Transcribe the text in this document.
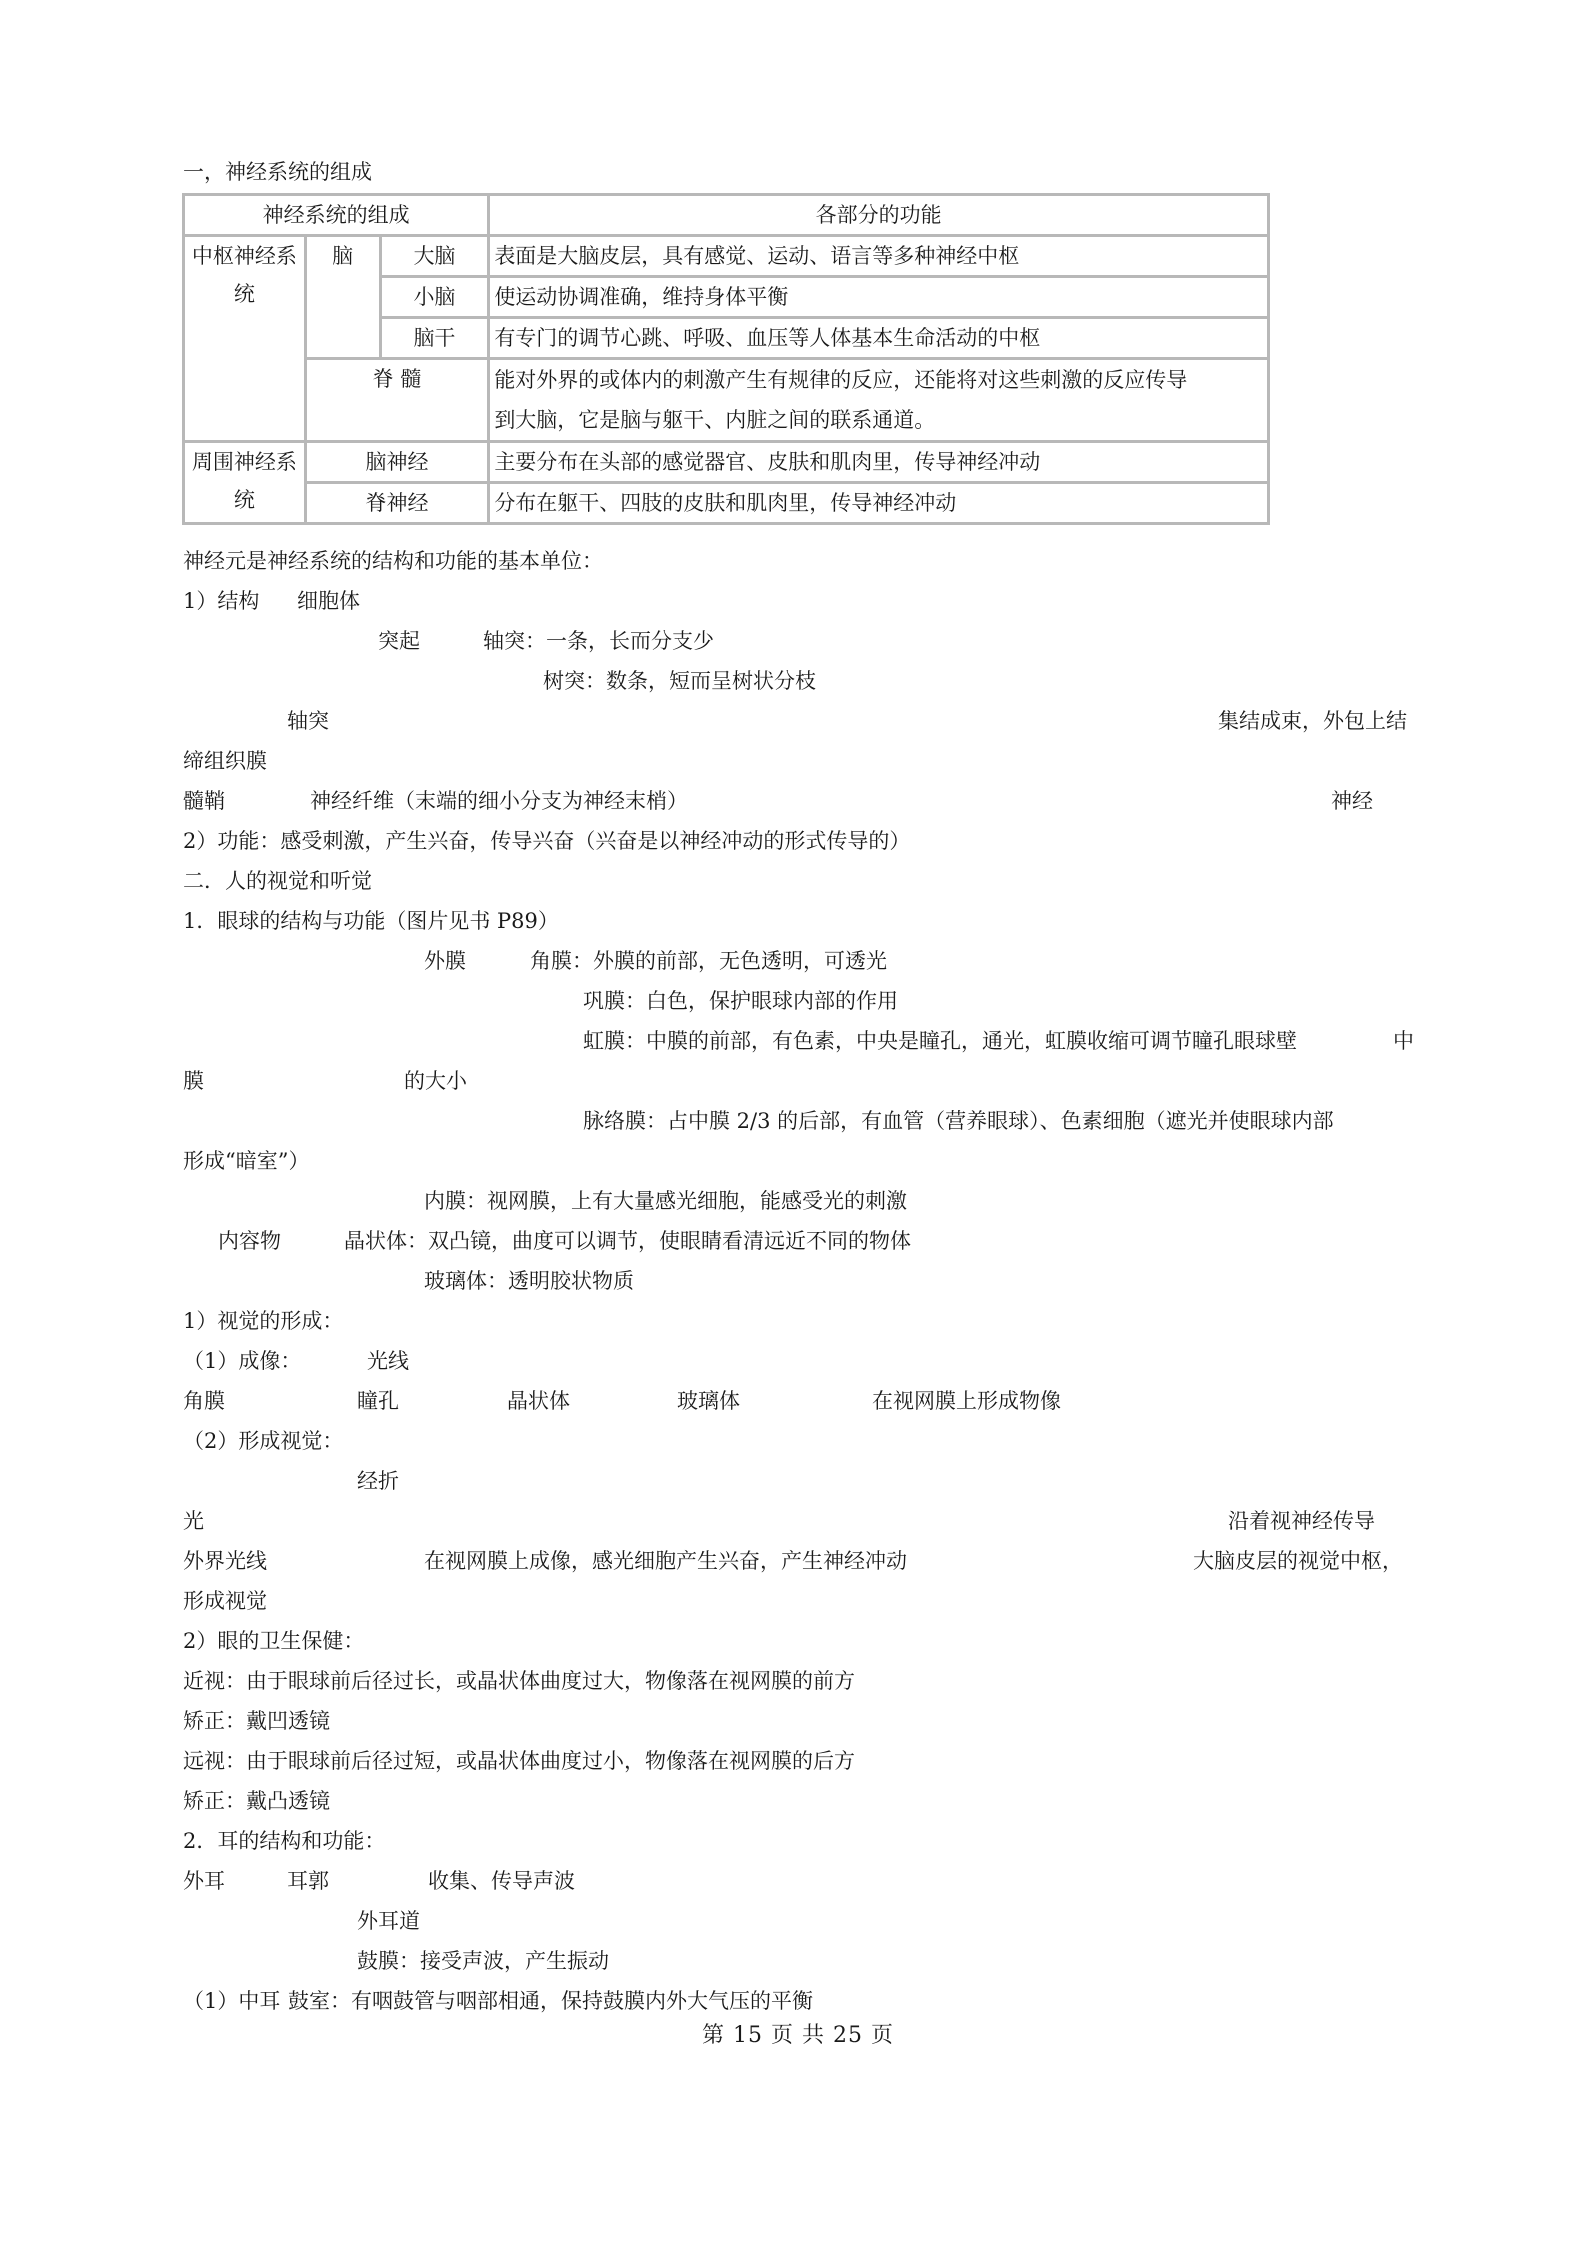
一，神经系统的组成
神经系统的组成			各部分的功能
中枢神经系
统	脑	大脑	表面是大脑皮层，具有感觉、运动、语言等多种神经中枢
		小脑	使运动协调准确，维持身体平衡
		脑干	有专门的调节心跳、呼吸、血压等人体基本生命活动的中枢
	脊 髓		能对外界的或体内的刺激产生有规律的反应，还能将对这些刺激的反应传导
到大脑，它是脑与躯干、内脏之间的联系通道。
周围神经系
统	脑神经		主要分布在头部的感觉器官、皮肤和肌肉里，传导神经冲动
	脊神经		分布在躯干、四肢的皮肤和肌肉里，传导神经冲动
神经元是神经系统的结构和功能的基本单位：
1）结构 细胞体
突起	轴突：一条，长而分支少
树突：数条，短而呈树状分枝
轴突	集结成束，外包上结
缔组织膜
髓鞘	神经纤维（末端的细小分支为神经末梢）	神经
2）功能：感受刺激，产生兴奋，传导兴奋（兴奋是以神经冲动的形式传导的）
二．人的视觉和听觉
1．眼球的结构与功能（图片见书 P89）
外膜	角膜：外膜的前部，无色透明，可透光
巩膜：白色，保护眼球内部的作用
虹膜：中膜的前部，有色素，中央是瞳孔，通光，虹膜收缩可调节瞳孔眼球壁	中
膜	的大小
脉络膜：占中膜 2/3 的后部，有血管（营养眼球）、色素细胞（遮光并使眼球内部
形成“暗室”）
内膜：视网膜，上有大量感光细胞，能感受光的刺激
内容物	晶状体：双凸镜，曲度可以调节，使眼睛看清远近不同的物体
玻璃体：透明胶状物质
1）视觉的形成：
（1）成像：	光线
角膜	瞳孔	晶状体	玻璃体	在视网膜上形成物像
（2）形成视觉：
经折
光	沿着视神经传导
外界光线	在视网膜上成像，感光细胞产生兴奋，产生神经冲动	大脑皮层的视觉中枢，
形成视觉
2）眼的卫生保健：
近视：由于眼球前后径过长，或晶状体曲度过大，物像落在视网膜的前方
矫正：戴凹透镜
远视：由于眼球前后径过短，或晶状体曲度过小，物像落在视网膜的后方
矫正：戴凸透镜
2．耳的结构和功能：
外耳	耳郭	收集、传导声波
外耳道
鼓膜：接受声波，产生振动
（1）中耳 鼓室：有咽鼓管与咽部相通，保持鼓膜内外大气压的平衡
第 15 页 共 25 页
